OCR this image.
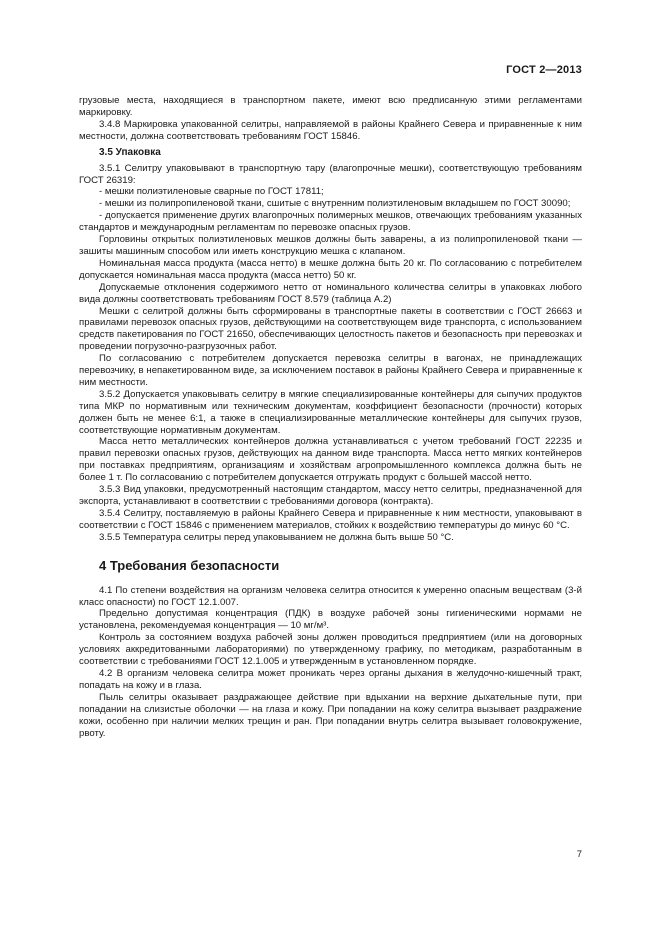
ГОСТ 2—2013

грузовые места, находящиеся в транспортном пакете, имеют всю предписанную этими регламентами маркировку.

3.4.8 Маркировка упакованной селитры, направляемой в районы Крайнего Севера и приравненные к ним местности, должна соответствовать требованиям ГОСТ 15846.

3.5 Упаковка

3.5.1 Селитру упаковывают в транспортную тару (влагопрочные мешки), соответствующую требованиям ГОСТ 26319:

- мешки полиэтиленовые сварные по ГОСТ 17811;

- мешки из полипропиленовой ткани, сшитые с внутренним полиэтиленовым вкладышем по ГОСТ 30090;

- допускается применение других влагопрочных полимерных мешков, отвечающих требованиям указанных стандартов и международным регламентам по перевозке опасных грузов.

Горловины открытых полиэтиленовых мешков должны быть заварены, а из полипропиленовой ткани — зашиты машинным способом или иметь конструкцию мешка с клапаном.

Номинальная масса продукта (масса нетто) в мешке должна быть 20 кг. По согласованию с потребителем допускается номинальная масса продукта (масса нетто) 50 кг.

Допускаемые отклонения содержимого нетто от номинального количества селитры в упаковках любого вида должны соответствовать требованиям ГОСТ 8.579 (таблица А.2)

Мешки с селитрой должны быть сформированы в транспортные пакеты в соответствии с ГОСТ 26663 и правилами перевозок опасных грузов, действующими на соответствующем виде транспорта, с использованием средств пакетирования по ГОСТ 21650, обеспечивающих целостность пакетов и безопасность при перевозках и проведении погрузочно-разгрузочных работ.

По согласованию с потребителем допускается перевозка селитры в вагонах, не принадлежащих перевозчику, в непакетированном виде, за исключением поставок в районы Крайнего Севера и приравненные к ним местности.

3.5.2 Допускается упаковывать селитру в мягкие специализированные контейнеры для сыпучих продуктов типа МКР по нормативным или техническим документам, коэффициент безопасности (прочности) которых должен быть не менее 6:1, а также в специализированные металлические контейнеры для сыпучих грузов, соответствующие нормативным документам.

Масса нетто металлических контейнеров должна устанавливаться с учетом требований ГОСТ 22235 и правил перевозки опасных грузов, действующих на данном виде транспорта. Масса нетто мягких контейнеров при поставках предприятиям, организациям и хозяйствам агропромышленного комплекса должна быть не более 1 т. По согласованию с потребителем допускается отгружать продукт с большей массой нетто.

3.5.3 Вид упаковки, предусмотренный настоящим стандартом, массу нетто селитры, предназначенной для экспорта, устанавливают в соответствии с требованиями договора (контракта).

3.5.4 Селитру, поставляемую в районы Крайнего Севера и приравненные к ним местности, упаковывают в соответствии с ГОСТ 15846 с применением материалов, стойких к воздействию температуры до минус 60 °С.

3.5.5 Температура селитры перед упаковыванием не должна быть выше 50 °С.

4 Требования безопасности

4.1 По степени воздействия на организм человека селитра относится к умеренно опасным веществам (3-й класс опасности) по ГОСТ 12.1.007.

Предельно допустимая концентрация (ПДК) в воздухе рабочей зоны гигиеническими нормами не установлена, рекомендуемая концентрация — 10 мг/м³.

Контроль за состоянием воздуха рабочей зоны должен проводиться предприятием (или на договорных условиях аккредитованными лабораториями) по утвержденному графику, по методикам, разработанным в соответствии с требованиями ГОСТ 12.1.005 и утвержденным в установленном порядке.

4.2 В организм человека селитра может проникать через органы дыхания в желудочно-кишечный тракт, попадать на кожу и в глаза.

Пыль селитры оказывает раздражающее действие при вдыхании на верхние дыхательные пути, при попадании на слизистые оболочки — на глаза и кожу. При попадании на кожу селитра вызывает раздражение кожи, особенно при наличии мелких трещин и ран. При попадании внутрь селитра вызывает головокружение, рвоту.

7
